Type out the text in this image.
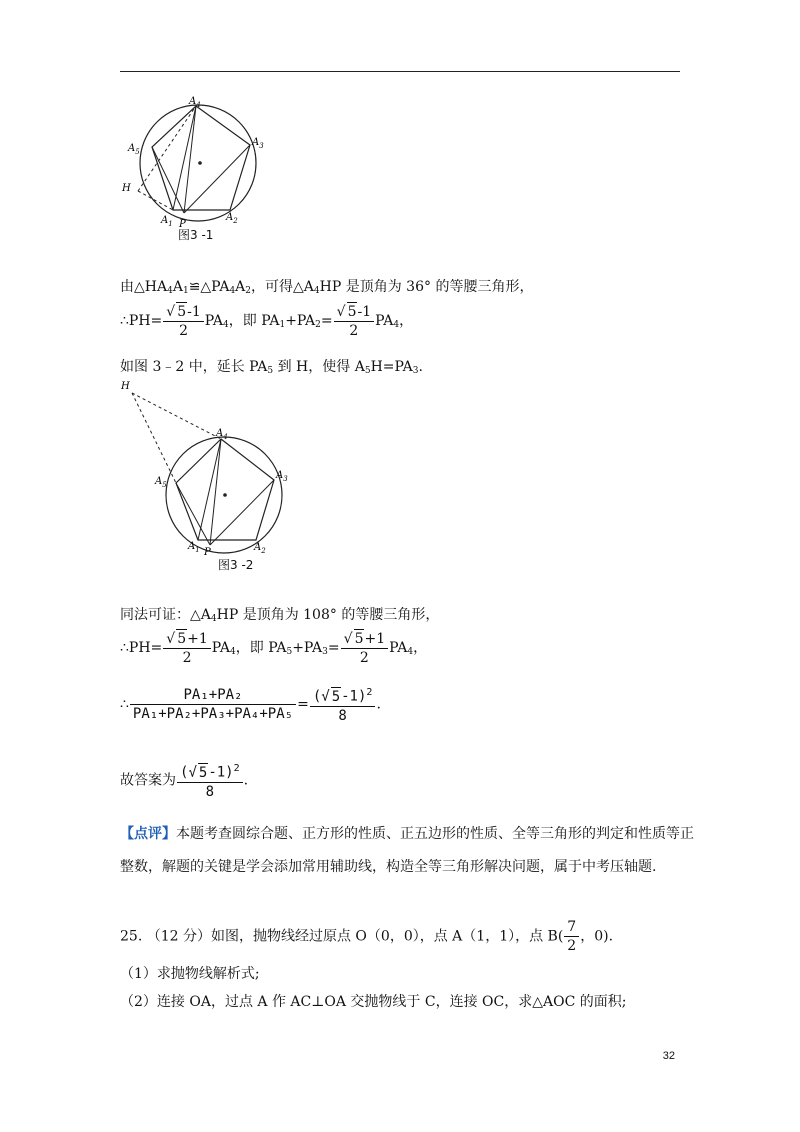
$A_4$
$A_5$
$A_3$
H
$A_1$ P
$A_2$
图3 -1
由$\triangle HA_4A_1≌\triangle PA_4A_2$，可得$\triangle A_4HP$ 是顶角为 36° 的等腰三角形，
∴PH= $\frac{√ 5-1}{2} PA_4$，即 $PA_1+PA_2= \frac{√ 5-1}{2} PA_4$，
如图 3﹣2 中，延长 $PA_5$ 到 H，使得 $A_5H=PA_3$.
H
$A_4$
$A_3$
$A_5$
$A_1$ P	$A_2$
图3 -2
同法可证：$\triangle A_4HP$ 是顶角为 108° 的等腰三角形，
∴PH= $\frac{√ 5+1}{2} PA_4$，即 $PA_5+PA_3= \frac{√ 5+1}{2} PA_4$，
∴ $\frac{\text{PA₁+PA₂}}{\text{PA₁+PA₂+PA₃+PA₄+PA₅}} = \frac{(√ 5-1)^2}{8}$ .
故答案为 $\frac{(√ 5-1)^2}{8}$ .
【点评】本题考查圆综合题、正方形的性质、正五边形的性质、全等三角形的判定和性质等正
整数，解题的关键是学会添加常用辅助线，构造全等三角形解决问题，属于中考压轴题.
25. （12 分）如图，抛物线经过原点 O（0，0），点 A（1，1），点 $B( \frac{7}{2}$ ，0).
（1）求抛物线解析式;
（2）连接 OA，过点 A 作 AC⊥OA 交抛物线于 C，连接 OC，求△AOC 的面积;
32
